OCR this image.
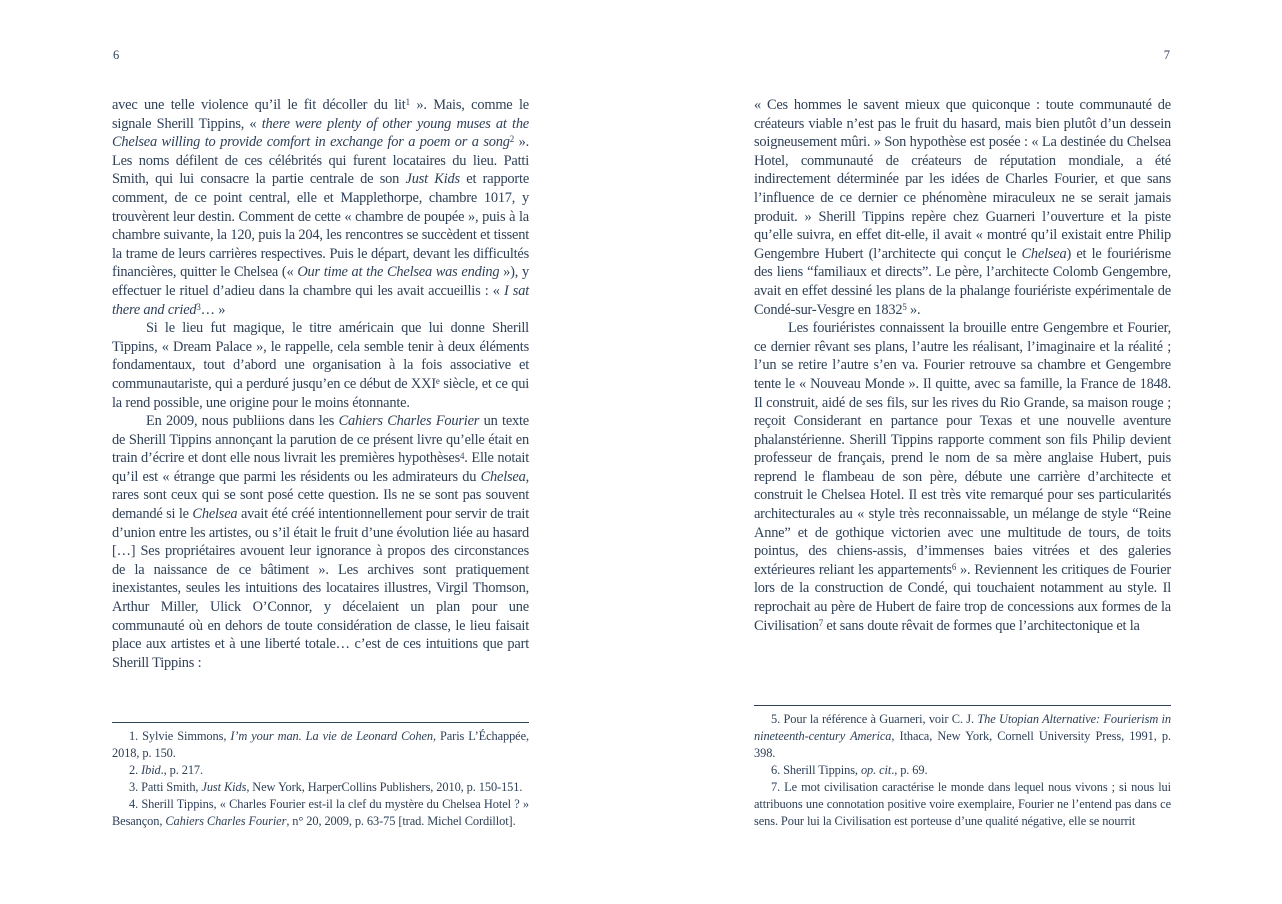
6

avec une telle violence qu’il le fit décoller du lit$^1$ ». Mais, comme le signale Sherill Tippins, « there were plenty of other young muses at the Chelsea willing to provide comfort in exchange for a poem or a song$^2$ ». Les noms défilent de ces célébrités qui furent locataires du lieu. Patti Smith, qui lui consacre la partie centrale de son Just Kids et rapporte comment, de ce point central, elle et Mapplethorpe, chambre 1017, y trouvèrent leur destin. Comment de cette « chambre de poupée », puis à la chambre suivante, la 120, puis la 204, les rencontres se succèdent et tissent la trame de leurs carrières respectives. Puis le départ, devant les difficultés financières, quitter le Chelsea (« Our time at the Chelsea was ending »), y effectuer le rituel d’adieu dans la chambre qui les avait accueillis : « I sat there and cried$^3$… »

Si le lieu fut magique, le titre américain que lui donne Sherill Tippins, « Dream Palace », le rappelle, cela semble tenir à deux éléments fondamentaux, tout d’abord une organisation à la fois associative et communautariste, qui a perduré jusqu’en ce début de XXIe siècle, et ce qui la rend possible, une origine pour le moins étonnante.

En 2009, nous publiions dans les Cahiers Charles Fourier un texte de Sherill Tippins annonçant la parution de ce présent livre qu’elle était en train d’écrire et dont elle nous livrait les premières hypothèses$^4$. Elle notait qu’il est « étrange que parmi les résidents ou les admirateurs du Chelsea, rares sont ceux qui se sont posé cette question. Ils ne se sont pas souvent demandé si le Chelsea avait été créé intentionnellement pour servir de trait d’union entre les artistes, ou s’il était le fruit d’une évolution liée au hasard […] Ses propriétaires avouent leur ignorance à propos des circonstances de la naissance de ce bâtiment ». Les archives sont pratiquement inexistantes, seules les intuitions des locataires illustres, Virgil Thomson, Arthur Miller, Ulick O’Connor, y décelaient un plan pour une communauté où en dehors de toute considération de classe, le lieu faisait place aux artistes et à une liberté totale… c’est de ces intuitions que part Sherill Tippins :

1. Sylvie Simmons, I’m your man. La vie de Leonard Cohen, Paris L’Échappée, 2018, p. 150.

2. Ibid., p. 217.

3. Patti Smith, Just Kids, New York, HarperCollins Publishers, 2010, p. 150-151.

4. Sherill Tippins, « Charles Fourier est-il la clef du mystère du Chelsea Hotel ? » Besançon, Cahiers Charles Fourier, n° 20, 2009, p. 63-75 [trad. Michel Cordillot].

7

« Ces hommes le savent mieux que quiconque : toute communauté de créateurs viable n’est pas le fruit du hasard, mais bien plutôt d’un dessein soigneusement mûri. » Son hypothèse est posée : « La destinée du Chelsea Hotel, communauté de créateurs de réputation mondiale, a été indirectement déterminée par les idées de Charles Fourier, et que sans l’influence de ce dernier ce phénomène miraculeux ne se serait jamais produit. » Sherill Tippins repère chez Guarneri l’ouverture et la piste qu’elle suivra, en effet dit-elle, il avait « montré qu’il existait entre Philip Gengembre Hubert (l’architecte qui conçut le Chelsea) et le fouriérisme des liens “familiaux et directs”. Le père, l’architecte Colomb Gengembre, avait en effet dessiné les plans de la phalange fouriériste expérimentale de Condé-sur-Vesgre en 1832$^5$ ».

Les fouriéristes connaissent la brouille entre Gengembre et Fourier, ce dernier rêvant ses plans, l’autre les réalisant, l’imaginaire et la réalité ; l’un se retire l’autre s’en va. Fourier retrouve sa chambre et Gengembre tente le « Nouveau Monde ». Il quitte, avec sa famille, la France de 1848. Il construit, aidé de ses fils, sur les rives du Rio Grande, sa maison rouge ; reçoit Considerant en partance pour Texas et une nouvelle aventure phalanstérienne. Sherill Tippins rapporte comment son fils Philip devient professeur de français, prend le nom de sa mère anglaise Hubert, puis reprend le flambeau de son père, débute une carrière d’architecte et construit le Chelsea Hotel. Il est très vite remarqué pour ses particularités architecturales au « style très reconnaissable, un mélange de style “Reine Anne” et de gothique victorien avec une multitude de tours, de toits pointus, des chiens-assis, d’immenses baies vitrées et des galeries extérieures reliant les appartements$^6$ ». Reviennent les critiques de Fourier lors de la construction de Condé, qui touchaient notamment au style. Il reprochait au père de Hubert de faire trop de concessions aux formes de la Civilisation$^7$ et sans doute rêvait de formes que l’architectonique et la

5. Pour la référence à Guarneri, voir C. J. The Utopian Alternative: Fourierism in nineteenth-century America, Ithaca, New York, Cornell University Press, 1991, p. 398.

6. Sherill Tippins, op. cit., p. 69.

7. Le mot civilisation caractérise le monde dans lequel nous vivons ; si nous lui attribuons une connotation positive voire exemplaire, Fourier ne l’entend pas dans ce sens. Pour lui la Civilisation est porteuse d’une qualité négative, elle se nourrit
